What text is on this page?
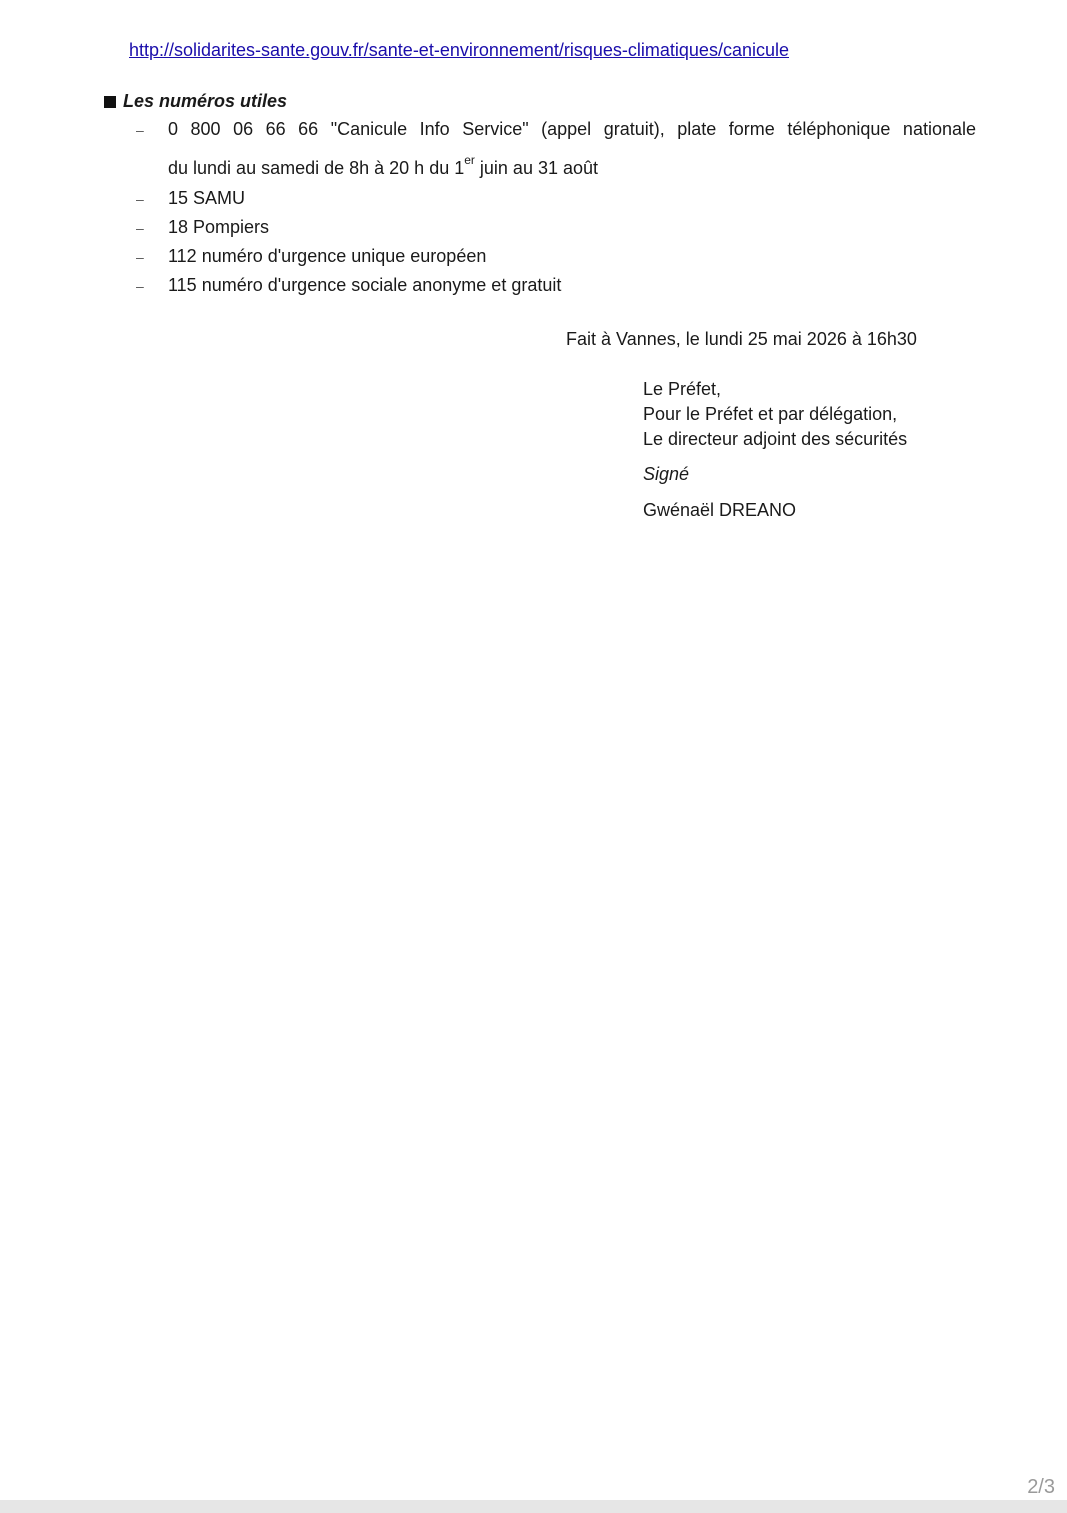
http://solidarites-sante.gouv.fr/sante-et-environnement/risques-climatiques/canicule
Les numéros utiles
– 0 800 06 66 66 "Canicule Info Service" (appel gratuit), plate forme téléphonique nationale
du lundi au samedi de 8h à 20 h du 1er juin au 31 août
– 15 SAMU
– 18 Pompiers
– 112 numéro d'urgence unique européen
– 115 numéro d'urgence sociale anonyme et gratuit
Fait à Vannes, le lundi 25 mai 2026 à 16h30
Le Préfet,
Pour le Préfet et par délégation,
Le directeur adjoint des sécurités
Signé
Gwénaël DREANO
2/3
